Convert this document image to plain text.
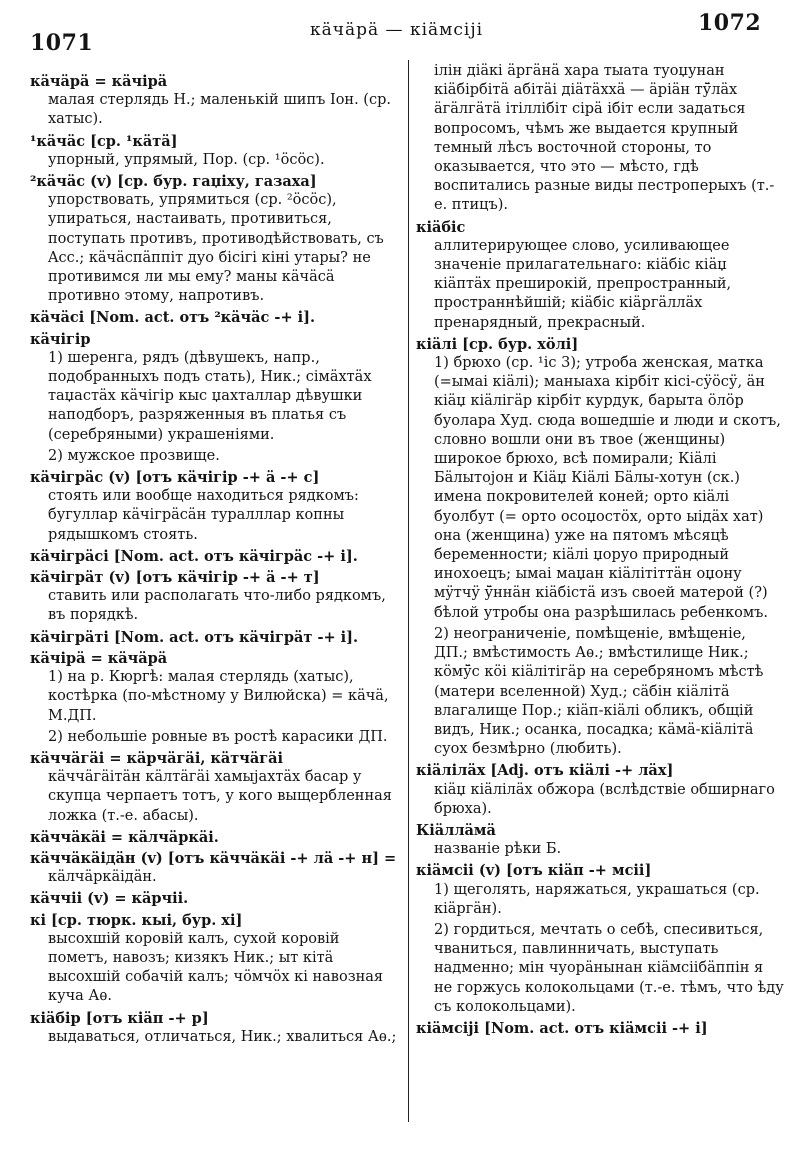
1071	кӓчӓрӓ — кiӓмсiјi	1072
кӓчӓрӓ = кӓчiрӓ
малая стерлядь Н.; маленькiй шипъ Iон. (ср. хатыс).
¹кӓчӓс [ср. ¹кӓтӓ]
упорный, упрямый, Пор. (ср. ¹ӧсӧс).
²кӓчӓс (v) [ср. бур. гаџiху, газаха]
упорствовать, упрямиться (ср. ²ӧсӧс), упираться, настаивать, противиться, поступать противъ, противодѣйствовать, съ Acc.; кӓчӓспӓппiт дуо бiсiгi кiнi утары? не противимся ли мы ему? маны кӓчӓсӓ противно этому, напротивъ.
кӓчӓсi [Nom. act. отъ ²кӓчӓс -+ i].
кӓчiгiр
1) шеренга, рядъ (дѣвушекъ, напр., подобранныхъ подъ стать), Ник.; сiмӓхтӓх таџастӓх кӓчiгiр кыс џахталлар дѣвушки наподборъ, разряженныя въ платья съ (серебряными) украшенiями.
2) мужское прозвище.
кӓчiгрӓс (v) [отъ кӓчiгiр -+ ӓ -+ с]
стоять или вообще находиться рядкомъ: бугуллар кӓчiгрӓсӓн туралллар копны рядышкомъ стоять.
кӓчiгрӓсi [Nom. act. отъ кӓчiгрӓс -+ i].
кӓчiгрӓт (v) [отъ кӓчiгiр -+ ӓ -+ т]
ставить или располагать что-либо рядкомъ, въ порядкѣ.
кӓчiгрӓтi [Nom. act. отъ кӓчiгрӓт -+ i].
кӓчiрӓ = кӓчӓрӓ
1) на р. Кюргѣ: малая стерлядь (хатыс), костѣрка (по-мѣстному у Вилюйска) = кӓчӓ, М.ДП.
2) небольшiе ровные въ ростѣ карасики ДП.
кӓччӓгӓi = кӓрчӓгӓi, кӓтчӓгӓi
кӓччӓгӓiтӓн кӓлтӓгӓi хамыјахтӓх басар у скупца черпаетъ тотъ, у кого выщербленная ложка (т.-е. абасы).
кӓччӓкӓi = кӓлчӓркӓi.
кӓччӓкӓiдӓн (v) [отъ кӓччӓкӓi -+ лӓ -+ н] =
кӓлчӓркӓiдӓн.
кӓччii (v) = кӓрчii.
кi [ср. тюрк. кыi, бур. xi]
высохшiй коровiй калъ, сухой коровiй пометъ, навозъ; кизякъ Ник.; ыт кiтӓ высохшiй собачiй калъ; чӧмчӧх кi навозная куча Аѳ.
кiӓбiр [отъ кiӓп -+ р]
выдаваться, отличаться, Ник.; хвалиться Аѳ.;
iлiн дiӓкi ӓргӓнӓ хара тыата туоџунан кiӓбiрбiтӓ абiтӓi дiӓтӓххӓ — ӓрiӓн тӱ̄лӓх ӓгӓлгӓтӓ iтiллiбiт сiрӓ iбiт если задаться вопросомъ, чѣмъ же выдается крупный темный лѣсъ восточной стороны, то оказывается, что это — мѣсто, гдѣ воспитались разные виды пестроперыхъ (т.-е. птицъ).
кiӓбiс
аллитерирующее слово, усиливающее значенiе прилагательнаго: кiӓбiс кiӓџ кiӓптӓх пpeшиpoкiй, препространный, пространнѣйшiй; кiӓбiс кiӓргӓллӓх пренарядный, прекрасный.
кiӓлi [ср. бур. xӧлi]
1) брюхо (ср. ¹iс 3); утроба женская, матка (=ымаi кiӓлi); маныаха кiрбiт кiсi-сӱӧсӱ, ӓн кiӓџ кiӓлiгӓр кiрбiт курдук, барыта ӧлӧр буолара Худ. сюда вошедшiе и люди и скотъ, словно вошли они въ твое (женщины) широкое брюхо, всѣ помирали; Кiӓлi Бӓлытоjон и Кiӓџ Кiӓлi Бӓлы-хотун (ск.) имена покровителей коней; орто кiӓлi буолбут (= орто осоџостӧх, орто ыiдӓх хат) она (женщина) уже на пятомъ мѣсяцѣ беременности; кiӓлi џоруо природный инохоецъ; ымаi маџан кiӓлiтiттӓн оџону мӱтчӱ ӱ̄ннӓн кiӓбiстӓ изъ своей матерой (?) бѣлой утробы она разрѣшилась ребенкомъ.
2) неограниченiе, помѣщенiе, вмѣщенiе, ДП.; вмѣстимость Аѳ.; вмѣстилище Ник.; кӧмӱ̄с кӧi кiӓлiтiгӓр на серебряномъ мѣстѣ (матери вселенной) Худ.; сӓбiн кiӓлiтӓ влагалище Пор.; кiӓп-кiӓлi обликъ, общiй видъ, Ник.; осанка, посадка; кӓмӓ-кiӓлiтӓ суох безмѣрно (любить).
кiӓлiлӓх [Adj. отъ кiӓлi -+ лӓх]
кiӓџ кiӓлiлӓх обжора (вслѣдствiе обширнаго брюха).
Кiӓллӓмӓ
названiе рѣки Б.
кiӓмсii (v) [отъ кiӓп -+ мсii]
1) щеголять, наряжаться, украшаться (ср. кiӓргӓн).
2) гордиться, мечтать о себѣ, спесивиться, чваниться, павлинничать, выступать надменно; мiн чуорӓнынан кiӓмсiiбӓппiн я не горжусь колокольцами (т.-е. тѣмъ, что ѣду съ колокольцами).
кiӓмсiјi [Nom. act. отъ кiӓмсii -+ i]
